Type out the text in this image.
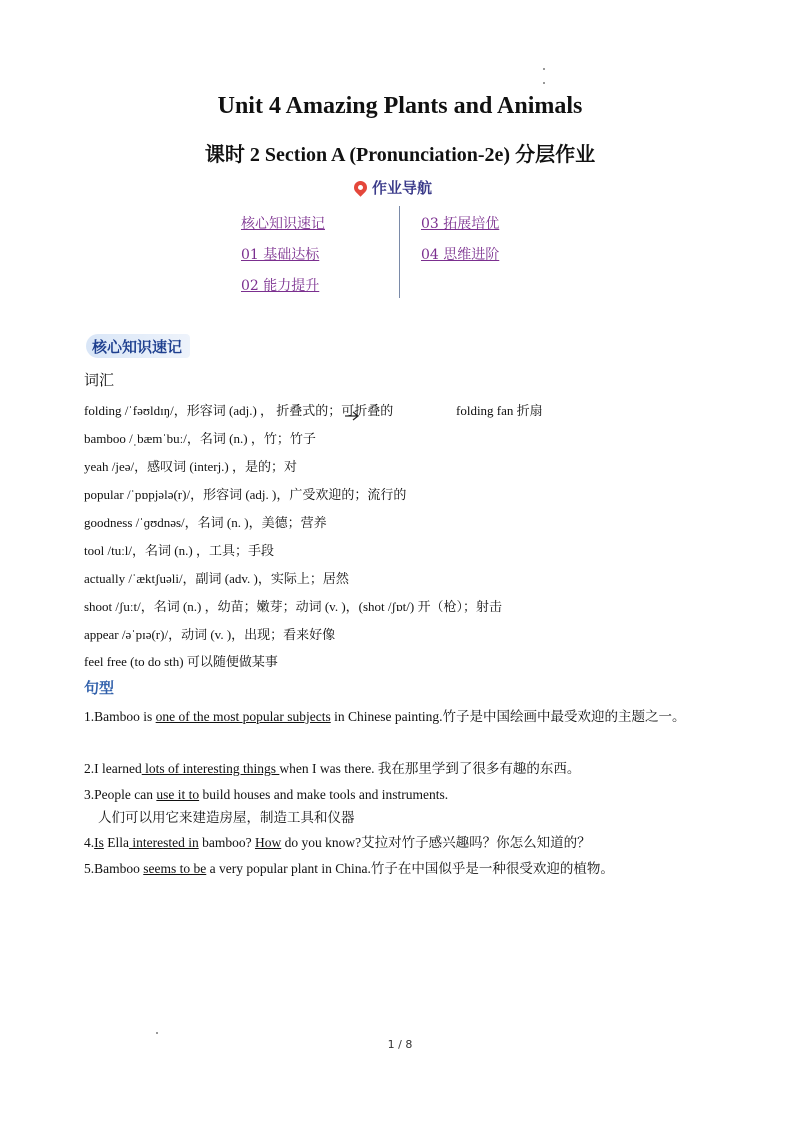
Unit 4 Amazing Plants and Animals
课时 2 Section A (Pronunciation-2e) 分层作业
作业导航
核心知识速记
01 基础达标
02 能力提升
03 拓展培优
04 思维进阶
核心知识速记
词汇
folding /ˈfəʊldɪŋ/，形容词 (adj.) ， 折叠式的；可折叠的	folding fan 折扇
bamboo /ˌbæmˈbuː/，名词 (n.) ，竹；竹子
yeah /jeə/，感叹词 (interj.) ，是的；对
popular /ˈpɒpjələ(r)/，形容词 (adj. )，广受欢迎的；流行的
goodness /ˈɡʊdnəs/，名词 (n. )，美德；营养
tool /tuːl/，名词 (n.) ，工具；手段
actually /ˈæktʃuəli/，副词 (adv. )，实际上；居然
shoot /ʃuːt/，名词 (n.) ，幼苗；嫩芽；动词 (v. )，(shot /ʃɒt/) 开（枪）；射击
appear /əˈpɪə(r)/，动词 (v. )，出现；看来好像
feel free (to do sth) 可以随便做某事
句型
1.Bamboo is one of the most popular subjects in Chinese painting.竹子是中国绘画中最受欢迎的主题之一。
2.I learned lots of interesting things when I was there. 我在那里学到了很多有趣的东西。
3.People can use it to build houses and make tools and instruments.
人们可以用它来建造房屋，制造工具和仪器
4.Is Ella interested in bamboo? How do you know?艾拉对竹子感兴趣吗？你怎么知道的？
5.Bamboo seems to be a very popular plant in China.竹子在中国似乎是一种很受欢迎的植物。
1 / 8
